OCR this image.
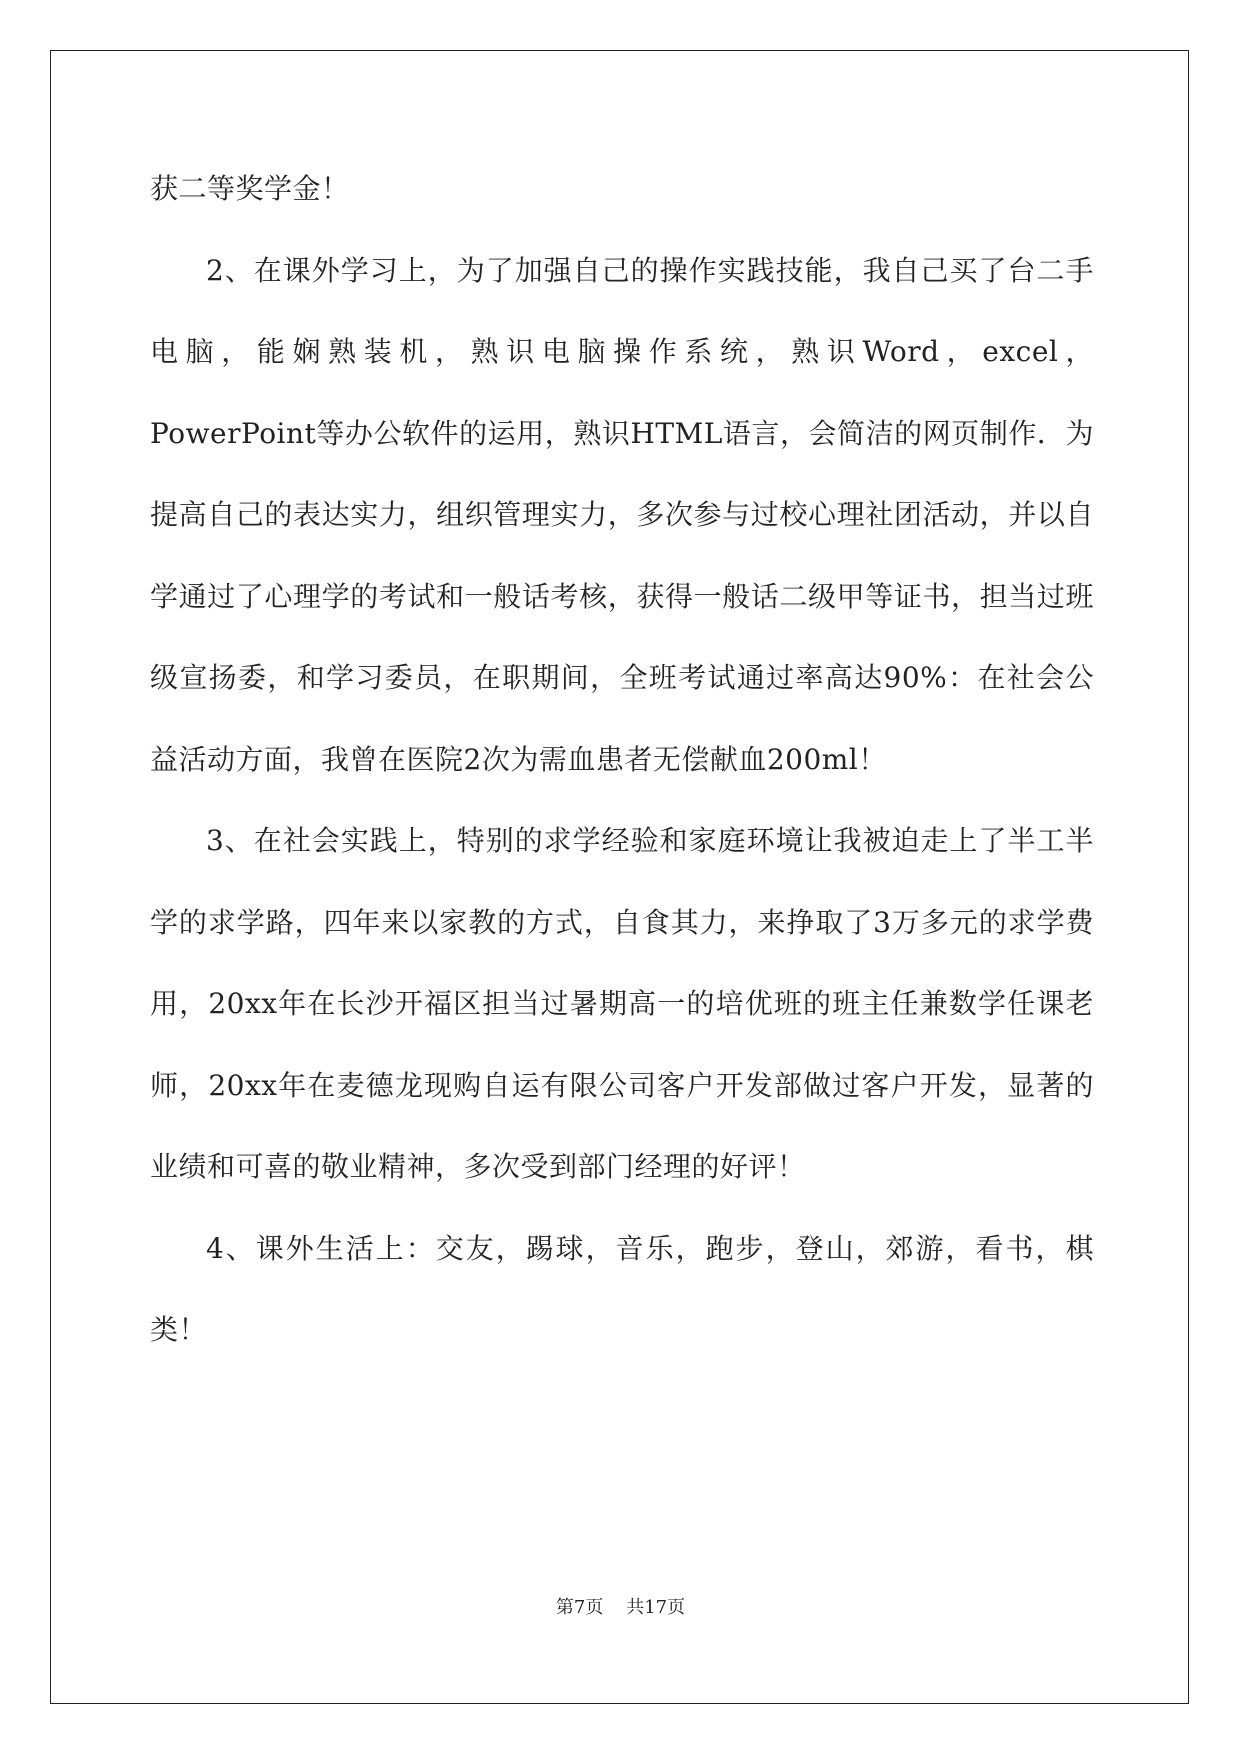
获二等奖学金！

2、在课外学习上，为了加强自己的操作实践技能，我自己买了台二手电脑，能娴熟装机，熟识电脑操作系统，熟识Word，excel，PowerPoint等办公软件的运用，熟识HTML语言，会简洁的网页制作．为提高自己的表达实力，组织管理实力，多次参与过校心理社团活动，并以自学通过了心理学的考试和一般话考核，获得一般话二级甲等证书，担当过班级宣扬委，和学习委员，在职期间，全班考试通过率高达90%：在社会公益活动方面，我曾在医院2次为需血患者无偿献血200ml！

3、在社会实践上，特别的求学经验和家庭环境让我被迫走上了半工半学的求学路，四年来以家教的方式，自食其力，来挣取了3万多元的求学费用，20xx年在长沙开福区担当过暑期高一的培优班的班主任兼数学任课老师，20xx年在麦德龙现购自运有限公司客户开发部做过客户开发，显著的业绩和可喜的敬业精神，多次受到部门经理的好评！

4、课外生活上：交友，踢球，音乐，跑步，登山，郊游，看书，棋类！

第7页 共17页
